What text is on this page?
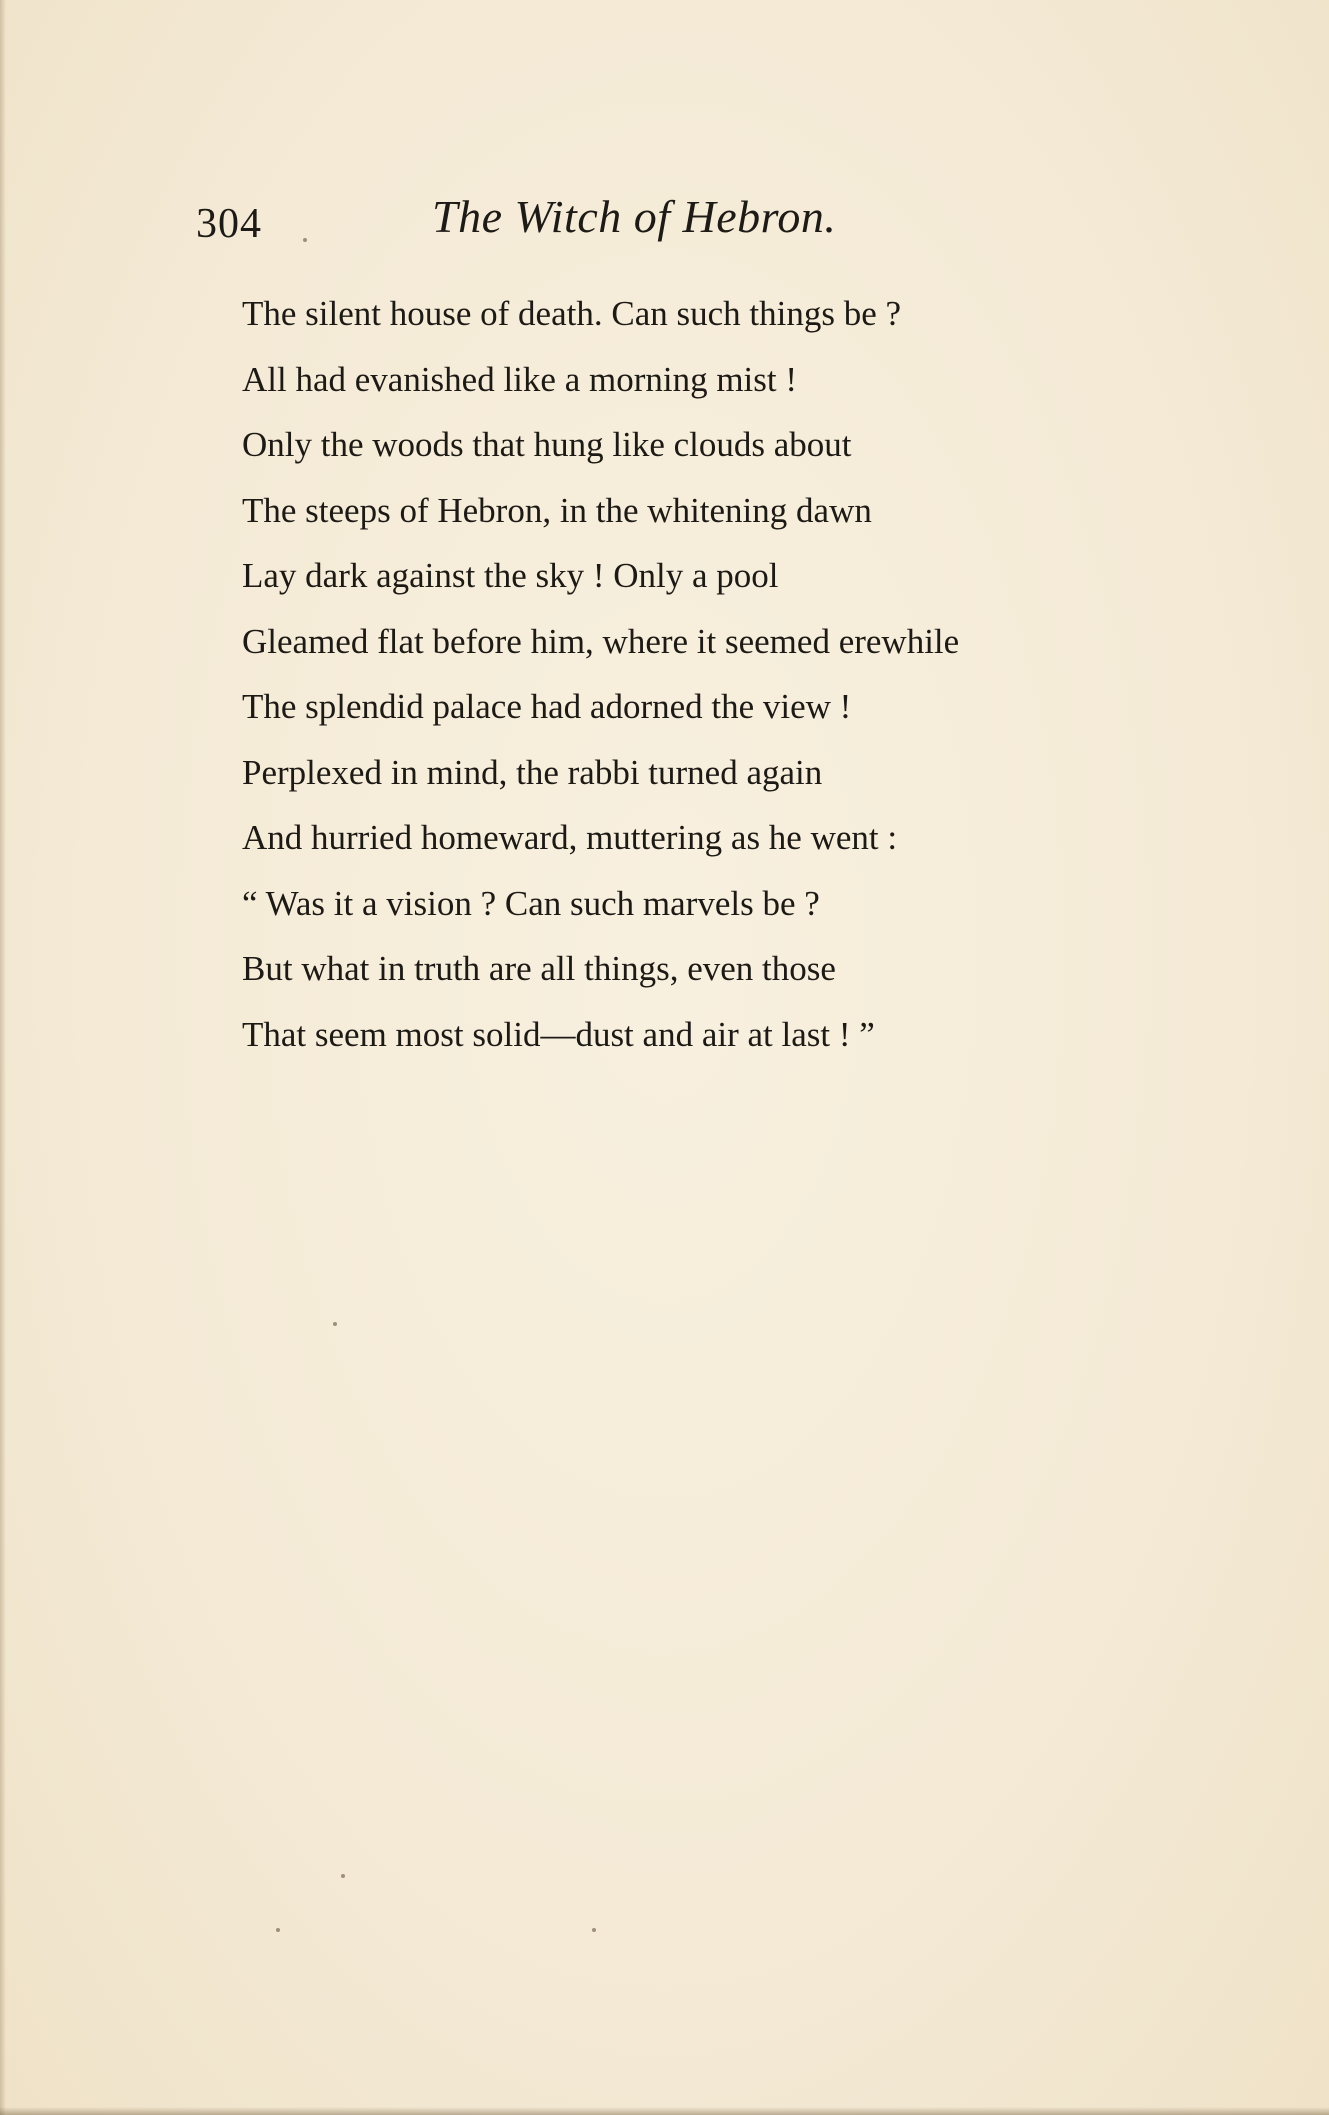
304	The Witch of Hebron.
The silent house of death. Can such things be ?
All had evanished like a morning mist !
Only the woods that hung like clouds about
The steeps of Hebron, in the whitening dawn
Lay dark against the sky ! Only a pool
Gleamed flat before him, where it seemed erewhile
The splendid palace had adorned the view !
Perplexed in mind, the rabbi turned again
And hurried homeward, muttering as he went :
“ Was it a vision ? Can such marvels be ?
But what in truth are all things, even those
That seem most solid—dust and air at last ! ”
